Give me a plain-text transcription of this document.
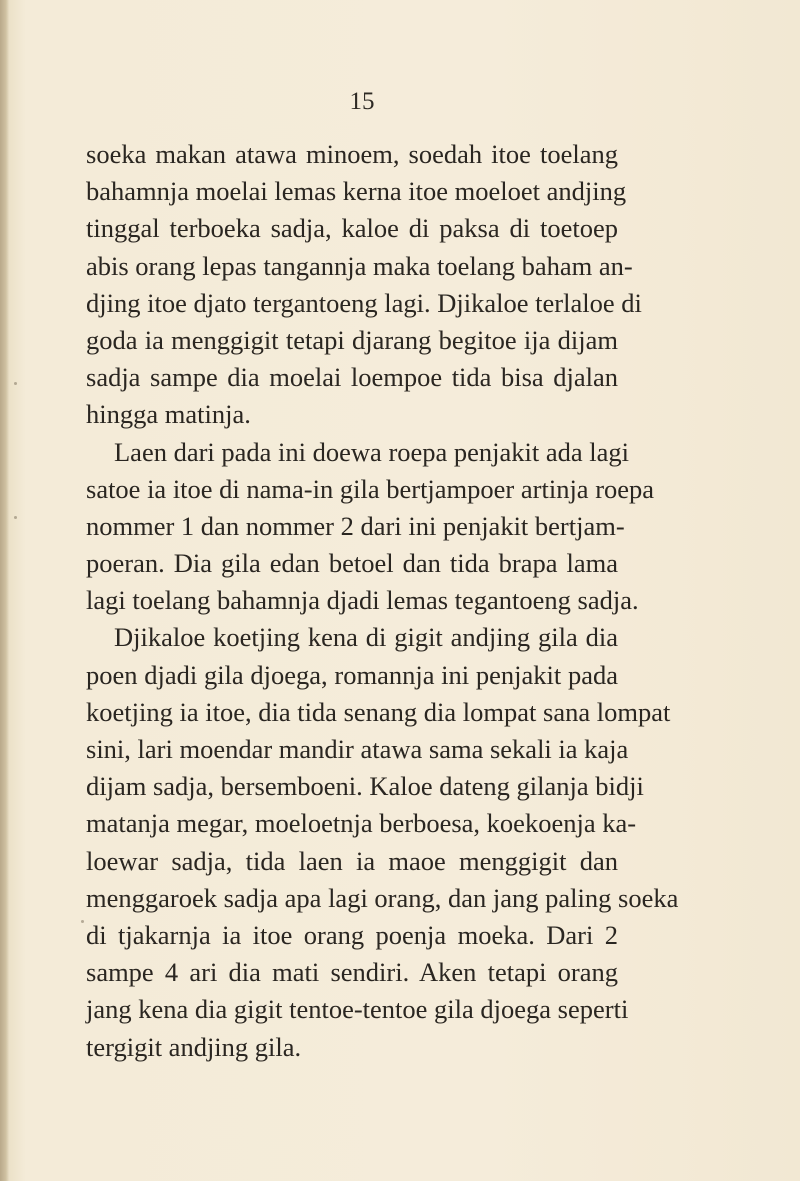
15
soeka makan atawa minoem, soedah itoe toelang
bahamnja moelai lemas kerna itoe moeloet andjing
tinggal terboeka sadja, kaloe di paksa di toetoep
abis orang lepas tangannja maka toelang baham an-
djing itoe djato tergantoeng lagi. Djikaloe terlaloe di
goda ia menggigit tetapi djarang begitoe ija dijam
sadja sampe dia moelai loempoe tida bisa djalan
hingga matinja.
Laen dari pada ini doewa roepa penjakit ada lagi
satoe ia itoe di nama-in gila bertjampoer artinja roepa
nommer 1 dan nommer 2 dari ini penjakit bertjam-
poeran. Dia gila edan betoel dan tida brapa lama
lagi toelang bahamnja djadi lemas tegantoeng sadja.
Djikaloe koetjing kena di gigit andjing gila dia
poen djadi gila djoega, romannja ini penjakit pada
koetjing ia itoe, dia tida senang dia lompat sana lompat
sini, lari moendar mandir atawa sama sekali ia kaja
dijam sadja, bersemboeni. Kaloe dateng gilanja bidji
matanja megar, moeloetnja berboesa, koekoenja ka-
loewar sadja, tida laen ia maoe menggigit dan
menggaroek sadja apa lagi orang, dan jang paling soeka
di tjakarnja ia itoe orang poenja moeka. Dari 2
sampe 4 ari dia mati sendiri. Aken tetapi orang
jang kena dia gigit tentoe-tentoe gila djoega seperti
tergigit andjing gila.
